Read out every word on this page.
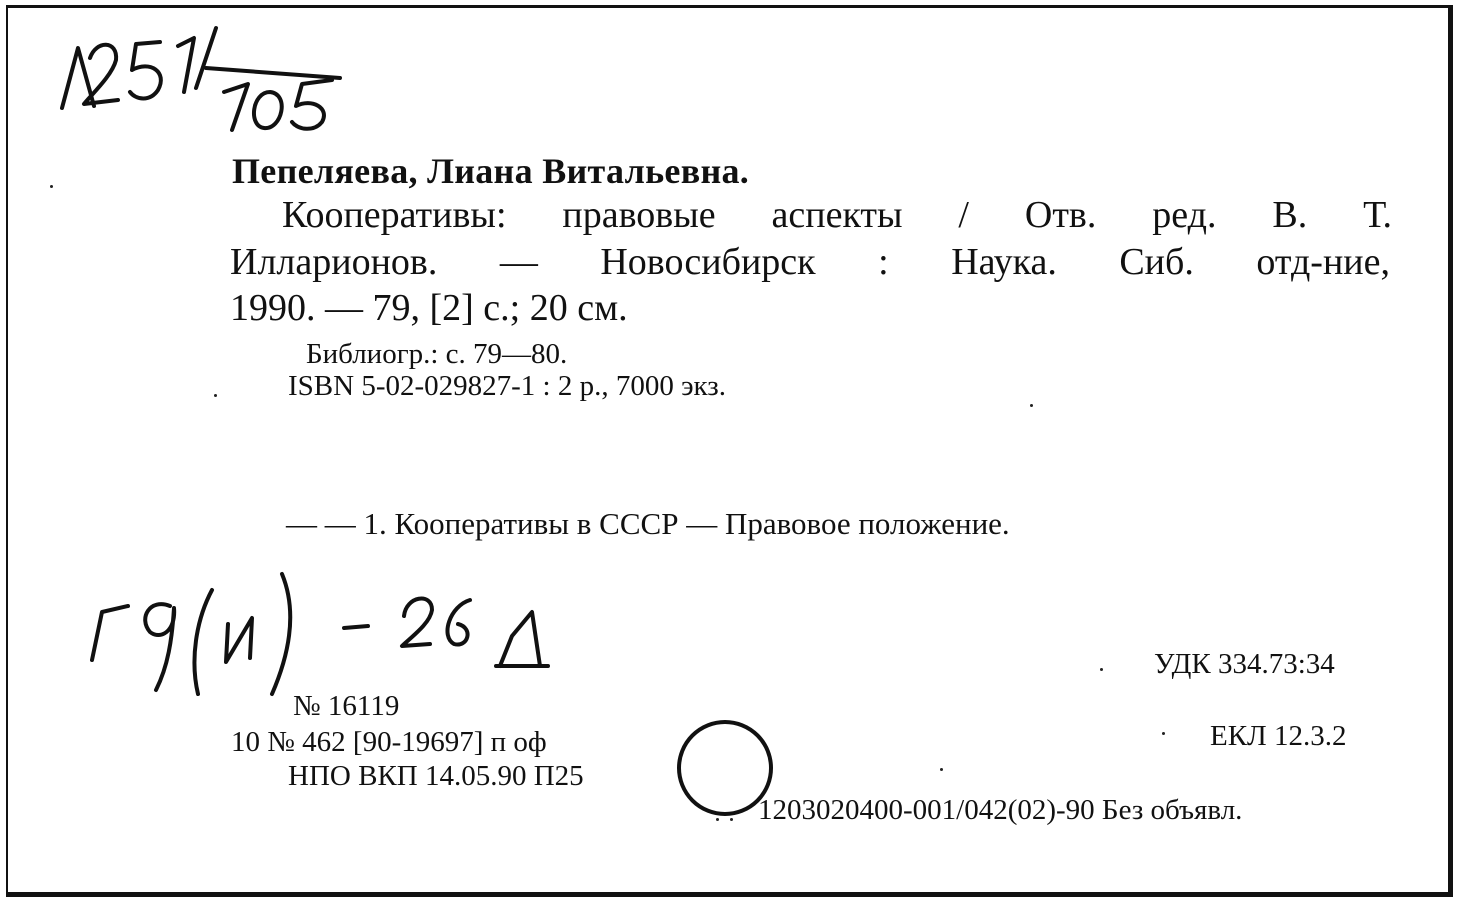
Пепеляева, Лиана Витальевна.
Кооперативы: правовые аспекты / Отв. ред. В. Т.
Илларионов. — Новосибирск : Наука. Сиб. отд-ние,
1990. — 79, [2] с.; 20 см.
Библиогр.: с. 79—80.
ISBN 5-02-029827-1 : 2 р., 7000 экз.
— — 1. Кооперативы в СССР — Правовое положение.
УДК 334.73:34
ЕКЛ 12.3.2
№ 16119
10 № 462 [90-19697] п оф
НПО ВКП 14.05.90 П25
1203020400-001/042(02)-90 Без объявл.
